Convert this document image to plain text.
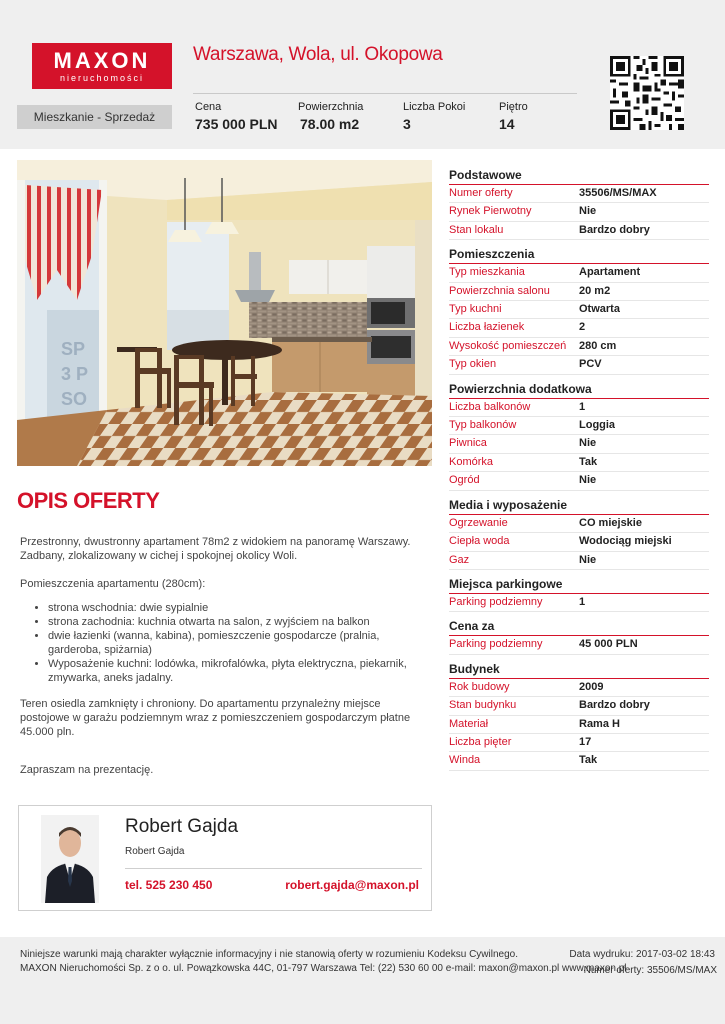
MAXON
nieruchomości
Warszawa, Wola, ul. Okopowa
Mieszkanie - Sprzedaż
Cena
735 000 PLN
Powierzchnia
78.00 m2
Liczba Pokoi
3
Piętro
14
SP
3 P
SO
OPIS OFERTY

Przestronny, dwustronny apartament 78m2 z widokiem na panoramę Warszawy. Zadbany, zlokalizowany w cichej i spokojnej okolicy Woli.

Pomieszczenia apartamentu (280cm):

• strona wschodnia: dwie sypialnie
• strona zachodnia: kuchnia otwarta na salon, z wyjściem na balkon
• dwie łazienki (wanna, kabina), pomieszczenie gospodarcze (pralnia, garderoba, spiżarnia)
• Wyposażenie kuchni: lodówka, mikrofalówka, płyta elektryczna, piekarnik, zmywarka, aneks jadalny.

Teren osiedla zamknięty i chroniony. Do apartamentu przynależny miejsce postojowe w garażu podziemnym wraz z pomieszczeniem gospodarczym płatne 45.000 pln.

Zapraszam na prezentację.

Robert Gajda
Robert Gajda
tel. 525 230 450	robert.gajda@maxon.pl
Podstawowe
Numer oferty	35506/MS/MAX
Rynek Pierwotny	Nie
Stan lokalu	Bardzo dobry
Pomieszczenia
Typ mieszkania	Apartament
Powierzchnia salonu	20 m2
Typ kuchni	Otwarta
Liczba łazienek	2
Wysokość pomieszczeń	280 cm
Typ okien	PCV
Powierzchnia dodatkowa
Liczba balkonów	1
Typ balkonów	Loggia
Piwnica	Nie
Komórka	Tak
Ogród	Nie
Media i wyposażenie
Ogrzewanie	CO miejskie
Ciepła woda	Wodociąg miejski
Gaz	Nie
Miejsca parkingowe
Parking podziemny	1
Cena za
Parking podziemny	45 000 PLN
Budynek
Rok budowy	2009
Stan budynku	Bardzo dobry
Materiał	Rama H
Liczba pięter	17
Winda	Tak
Niniejsze warunki mają charakter wyłącznie informacyjny i nie stanowią oferty w rozumieniu Kodeksu Cywilnego.
MAXON Nieruchomości Sp. z o o. ul. Powązkowska 44C, 01-797 Warszawa Tel: (22) 530 60 00 e-mail: maxon@maxon.pl www.maxon.pl
Data wydruku: 2017-03-02 18:43
Numer oferty: 35506/MS/MAX
